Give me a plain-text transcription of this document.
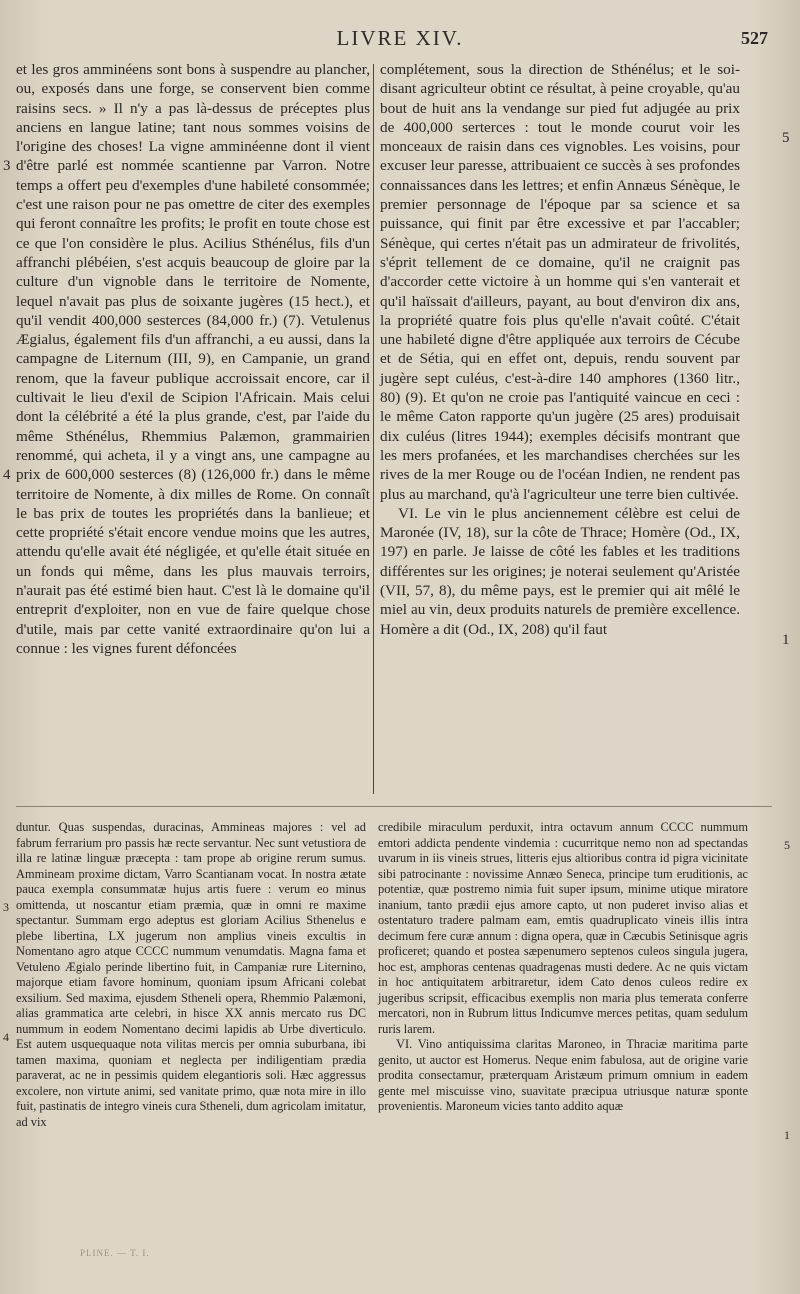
LIVRE XIV.	527

et les gros amminéens sont bons à suspendre au plancher, ou, exposés dans une forge, se conservent bien comme raisins secs. » Il n'y a pas là-dessus de préceptes plus anciens en langue latine; tant nous sommes voisins de l'origine des choses! La vigne amminéenne dont il vient d'être parlé est nommée scantienne par Varron. Notre temps a offert peu d'exemples d'une habileté consommée; c'est une raison pour ne pas omettre de citer des exemples qui feront connaître les profits; le profit en toute chose est ce que l'on considère le plus. Acilius Sthénélus, fils d'un affranchi plébéien, s'est acquis beaucoup de gloire par la culture d'un vignoble dans le territoire de Nomente, lequel n'avait pas plus de soixante jugères (15 hect.), et qu'il vendit 400,000 sesterces (84,000 fr.) (7). Vetulenus Ægialus, également fils d'un affranchi, a eu aussi, dans la campagne de Liternum (III, 9), en Campanie, un grand renom, que la faveur publique accroissait encore, car il cultivait le lieu d'exil de Scipion l'Africain. Mais celui dont la célébrité a été la plus grande, c'est, par l'aide du même Sthénélus, Rhemmius Palæmon, grammairien renommé, qui acheta, il y a vingt ans, une campagne au prix de 600,000 sesterces (8) (126,000 fr.) dans le même territoire de Nomente, à dix milles de Rome. On connaît le bas prix de toutes les propriétés dans la banlieue; et cette propriété s'était encore vendue moins que les autres, attendu qu'elle avait été négligée, et qu'elle était située en un fonds qui même, dans les plus mauvais terroirs, n'aurait pas été estimé bien haut. C'est là le domaine qu'il entreprit d'exploiter, non en vue de faire quelque chose d'utile, mais par cette vanité extraordinaire qu'on lui a connue : les vignes furent défoncées

complétement, sous la direction de Sthénélus; et le soi-disant agriculteur obtint ce résultat, à peine croyable, qu'au bout de huit ans la vendange sur pied fut adjugée au prix de 400,000 serterces : tout le monde courut voir les monceaux de raisin dans ces vignobles. Les voisins, pour excuser leur paresse, attribuaient ce succès à ses profondes connaissances dans les lettres; et enfin Annæus Sénèque, le premier personnage de l'époque par sa science et sa puissance, qui finit par être excessive et par l'accabler; Sénèque, qui certes n'était pas un admirateur de frivolités, s'éprit tellement de ce domaine, qu'il ne craignit pas d'accorder cette victoire à un homme qui s'en vanterait et qu'il haïssait d'ailleurs, payant, au bout d'environ dix ans, la propriété quatre fois plus qu'elle n'avait coûté. C'était une habileté digne d'être appliquée aux terroirs de Cécube et de Sétia, qui en effet ont, depuis, rendu souvent par jugère sept culéus, c'est-à-dire 140 amphores (1360 litr., 80) (9). Et qu'on ne croie pas l'antiquité vaincue en ceci : le même Caton rapporte qu'un jugère (25 ares) produisait dix culéus (litres 1944); exemples décisifs montrant que les mers profanées, et les marchandises cherchées sur les rives de la mer Rouge ou de l'océan Indien, ne rendent pas plus au marchand, qu'à l'agriculteur une terre bien cultivée.

VI. Le vin le plus anciennement célèbre est celui de Maronée (IV, 18), sur la côte de Thrace; Homère (Od., IX, 197) en parle. Je laisse de côté les fables et les traditions différentes sur les origines; je noterai seulement qu'Aristée (VII, 57, 8), du même pays, est le premier qui ait mêlé le miel au vin, deux produits naturels de première excellence. Homère a dit (Od., IX, 208) qu'il faut

duntur. Quas suspendas, duracinas, Ammineas majores : vel ad fabrum ferrarium pro passis hæ recte servantur. Nec sunt vetustiora de illa re latinæ linguæ præcepta : tam prope ab origine rerum sumus. Ammineam proxime dictam, Varro Scantianam vocat. In nostra ætate pauca exempla consummatæ hujus artis fuere : verum eo minus omittenda, ut noscantur etiam præmia, quæ in omni re maxime spectantur. Summam ergo adeptus est gloriam Acilius Sthenelus e plebe libertina, LX jugerum non amplius vineis excultis in Nomentano agro atque CCCC nummum venumdatis. Magna fama et Vetuleno Ægialo perinde libertino fuit, in Campaniæ rure Liternino, majorque etiam favore hominum, quoniam ipsum Africani colebat exsilium. Sed maxima, ejusdem Stheneli opera, Rhemmio Palæmoni, alias grammatica arte celebri, in hisce XX annis mercato rus DC nummum in eodem Nomentano decimi lapidis ab Urbe diverticulo. Est autem usquequaque nota vilitas mercis per omnia suburbana, ibi tamen maxima, quoniam et neglecta per indiligentiam prædia paraverat, ac ne in pessimis quidem elegantioris soli. Hæc aggressus excolere, non virtute animi, sed vanitate primo, quæ nota mire in illo fuit, pastinatis de integro vineis cura Stheneli, dum agricolam imitatur, ad vix

credibile miraculum perduxit, intra octavum annum CCCC nummum emtori addicta pendente vindemia : cucurritque nemo non ad spectandas uvarum in iis vineis strues, litteris ejus altioribus contra id pigra vicinitate sibi patrocinante : novissime Annæo Seneca, principe tum eruditionis, ac potentiæ, quæ postremo nimia fuit super ipsum, minime utique miratore inanium, tanto prædii ejus amore capto, ut non puderet inviso alias et ostentaturo tradere palmam eam, emtis quadruplicato vineis illis intra decimum fere curæ annum : digna opera, quæ in Cæcubis Setinisque agris proficeret; quando et postea sæpenumero septenos culeos singula jugera, hoc est, amphoras centenas quadragenas musti dedere. Ac ne quis victam in hoc antiquitatem arbitraretur, idem Cato denos culeos redire ex jugeribus scripsit, efficacibus exemplis non maria plus temerata conferre mercatori, non in Rubrum littus Indicumve merces petitas, quam sedulum ruris larem.

VI. Vino antiquissima claritas Maroneo, in Thraciæ maritima parte genito, ut auctor est Homerus. Neque enim fabulosa, aut de origine varie prodita consectamur, præterquam Aristæum primum omnium in eadem gente mel miscuisse vino, suavitate præcipua utriusque naturæ sponte provenientis. Maroneum vicies tanto addito aquæ

3
4
5
1
3
4
5
1
PLINE. — T. I.
